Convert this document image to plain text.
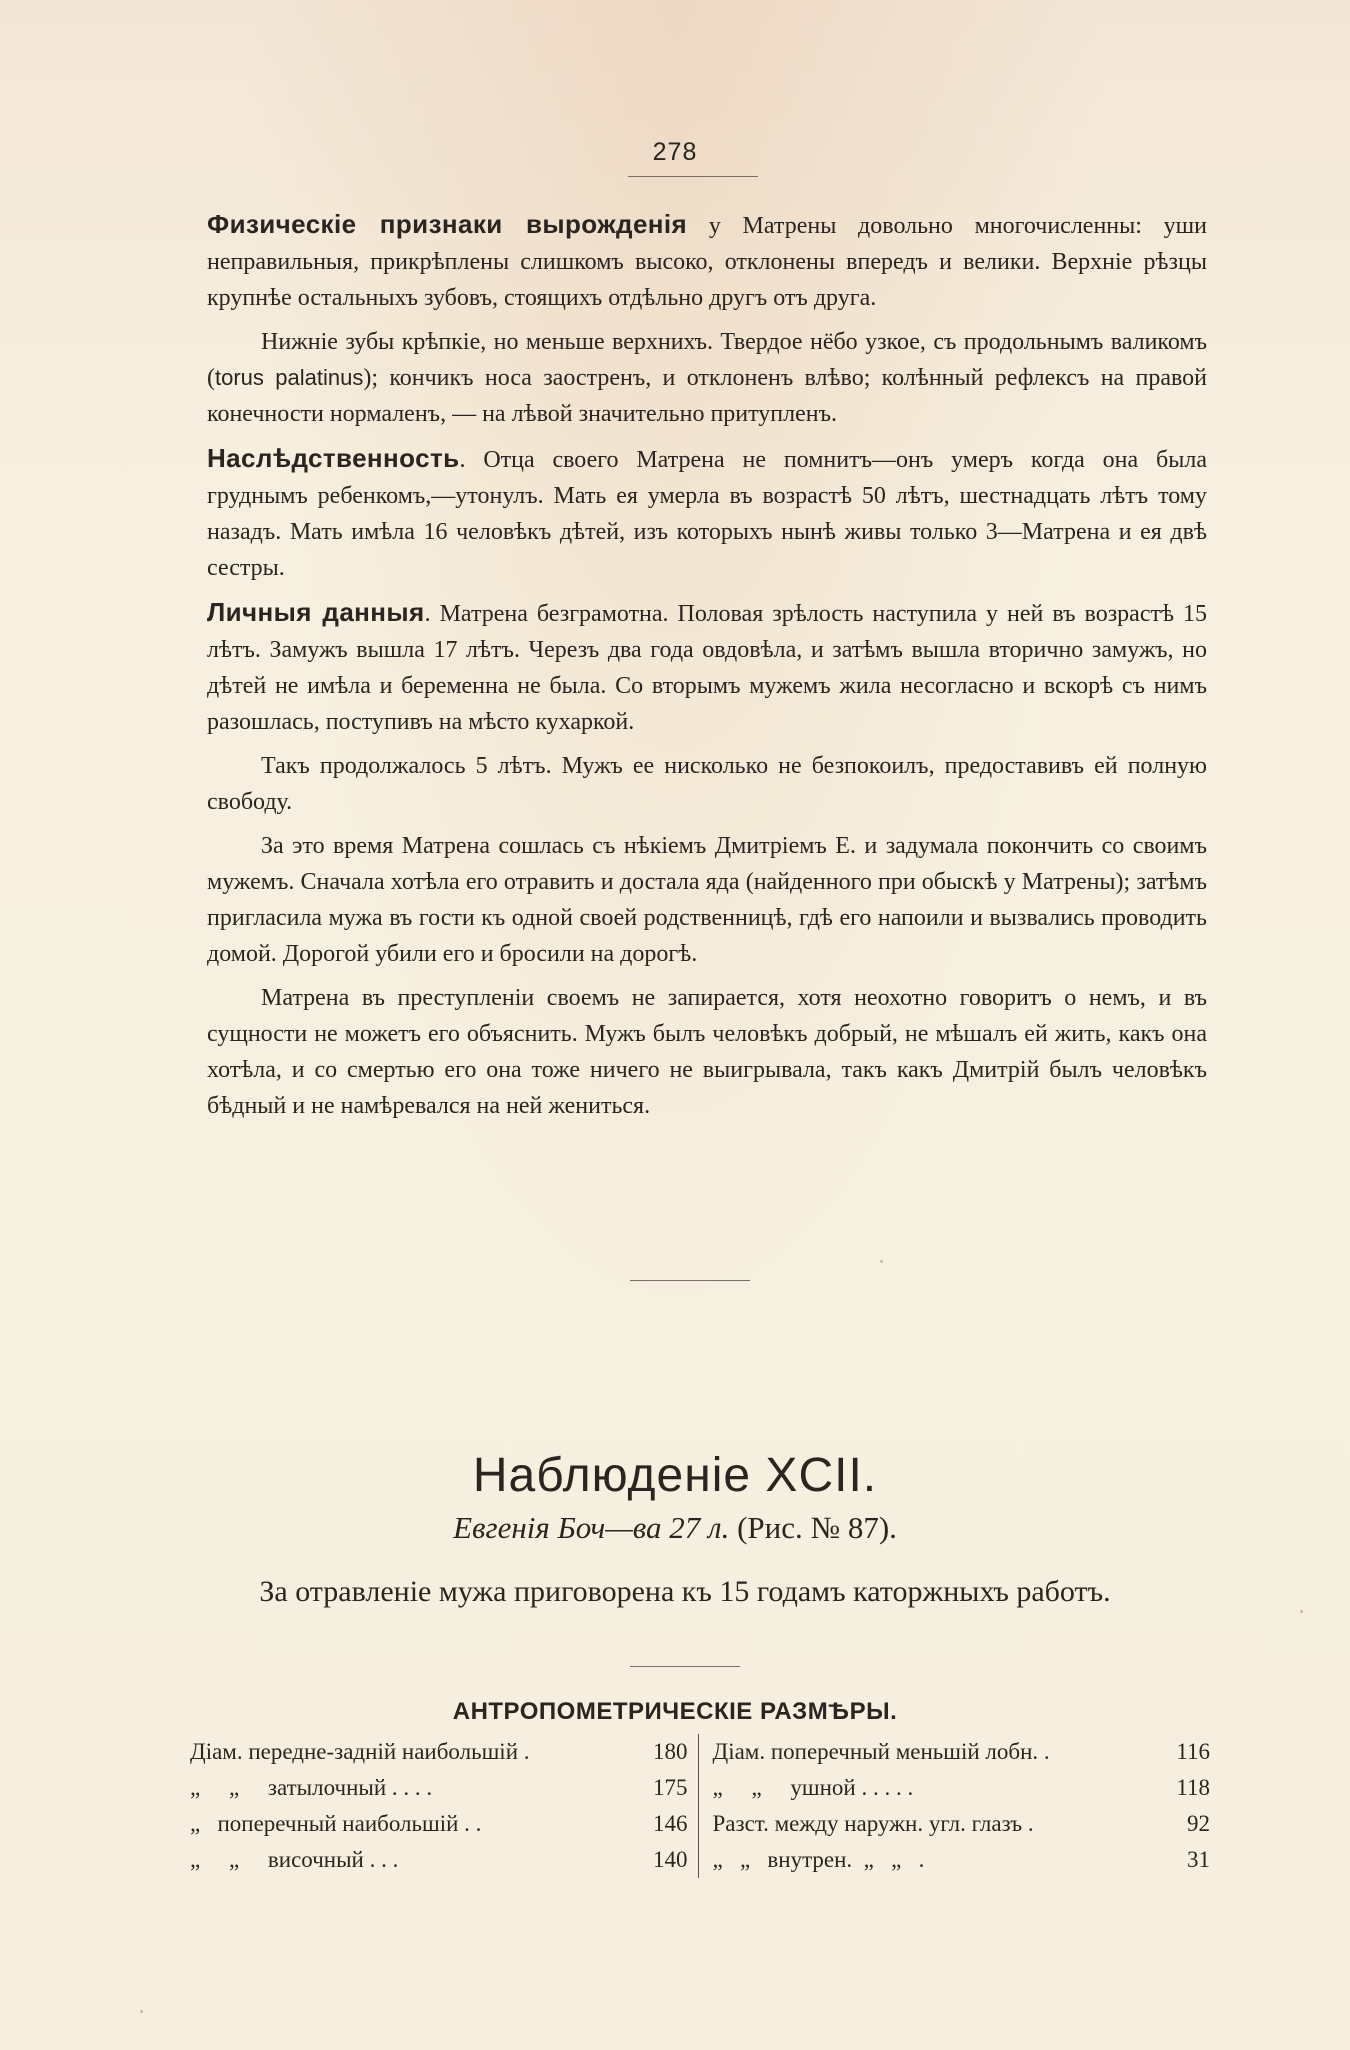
278

Физическіе признаки вырожденія у Матрены довольно многочисленны: уши неправильныя, прикрѣплены слишкомъ высоко, отклонены впередъ и велики. Верхніе рѣзцы крупнѣе остальныхъ зубовъ, стоящихъ отдѣльно другъ отъ друга.

Нижніе зубы крѣпкіе, но меньше верхнихъ. Твердое нёбо узкое, съ продольнымъ валикомъ (torus palatinus); кончикъ носа заостренъ, и отклоненъ влѣво; колѣнный рефлексъ на правой конечности нормаленъ, — на лѣвой значительно притупленъ.

Наслѣдственность. Отца своего Матрена не помнитъ—онъ умеръ когда она была груднымъ ребенкомъ,—утонулъ. Мать ея умерла въ возрастѣ 50 лѣтъ, шестнадцать лѣтъ тому назадъ. Мать имѣла 16 человѣкъ дѣтей, изъ которыхъ нынѣ живы только 3—Матрена и ея двѣ сестры.

Личныя данныя. Матрена безграмотна. Половая зрѣлость наступила у ней въ возрастѣ 15 лѣтъ. Замужъ вышла 17 лѣтъ. Черезъ два года овдовѣла, и затѣмъ вышла вторично замужъ, но дѣтей не имѣла и беременна не была. Со вторымъ мужемъ жила несогласно и вскорѣ съ нимъ разошлась, поступивъ на мѣсто кухаркой.

Такъ продолжалось 5 лѣтъ. Мужъ ее нисколько не безпокоилъ, предоставивъ ей полную свободу.

За это время Матрена сошлась съ нѣкіемъ Дмитріемъ Е. и задумала покончить со своимъ мужемъ. Сначала хотѣла его отравить и достала яда (найденного при обыскѣ у Матрены); затѣмъ пригласила мужа въ гости къ одной своей родственницѣ, гдѣ его напоили и вызвались проводить домой. Дорогой убили его и бросили на дорогѣ.

Матрена въ преступленіи своемъ не запирается, хотя неохотно говоритъ о немъ, и въ сущности не можетъ его объяснить. Мужъ былъ человѣкъ добрый, не мѣшалъ ей жить, какъ она хотѣла, и со смертью его она тоже ничего не выигрывала, такъ какъ Дмитрій былъ человѣкъ бѣдный и не намѣревался на ней жениться.

Наблюденіе XCII.
Евгенія Боч—ва 27 л. (Рис. № 87).
За отравленіе мужа приговорена къ 15 годамъ каторжныхъ работъ.
АНТРОПОМЕТРИЧЕСКІЕ РАЗМѢРЫ.
Діам. передне-заднiй наибольшiй .	180
„     „     затылочный . . . .	175
„   поперечный наибольшiй . .	146
„     „     височный . . .	140
Діам. поперечный меньшiй лобн. .	116
„     „     ушной . . . . .	118
Разст. между наружн. угл. глазъ .	92
„   „   внутрен.  „   „   .	31
